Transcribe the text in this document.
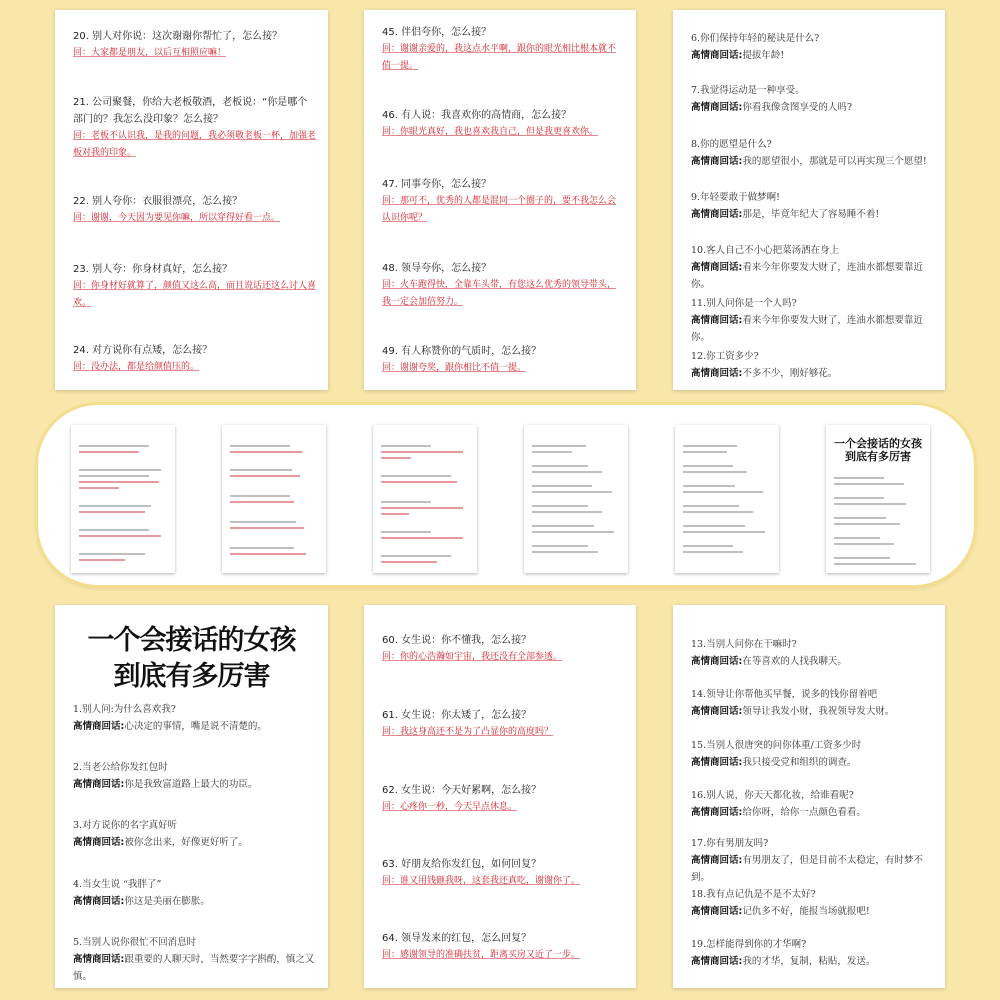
20. 别人对你说：这次谢谢你帮忙了，怎么接？
回：大家都是朋友，以后互相照应嘛！
21. 公司聚餐，你给大老板敬酒，老板说：“你是哪个部门的？我怎么没印象？怎么接？
回：老板不认识我，是我的问题，我必须敬老板一杯，加强老板对我的印象。
22. 别人夸你：衣服很漂亮，怎么接？
回：谢谢，今天因为要见你嘛，所以穿得好看一点。
23. 别人夸：你身材真好，怎么接？
回：你身材好就算了，颜值又这么高，而且说话还这么讨人喜欢。
24. 对方说你有点矮，怎么接？
回：没办法，都是给颜值压的。
45. 伴侣夸你，怎么接？
回：谢谢亲爱的，我这点水平啊，跟你的眼光相比根本就不值一提。
46. 有人说：我喜欢你的高情商，怎么接？
回：你眼光真好，我也喜欢我自己，但是我更喜欢你。
47. 同事夸你，怎么接？
回：那可不，优秀的人都是混同一个圈子的，要不我怎么会认识你呢？
48. 领导夸你，怎么接？
回：火车跑得快，全靠车头带，有您这么优秀的领导带头，我一定会加倍努力。
49. 有人称赞你的气质时，怎么接？
回：谢谢夸奖，跟你相比不值一提。
6.你们保持年轻的秘诀是什么?
高情商回话:提拔年龄!
7.我觉得运动是一种享受。
高情商回话:你看我像贪图享受的人吗?
8.你的愿望是什么?
高情商回话:我的愿望很小，那就是可以再实现三个愿望!
9.年轻要敢于做梦啊!
高情商回话:那是，毕竟年纪大了容易睡不着!
10.客人自己不小心把菜汤洒在身上
高情商回话:看来今年你要发大财了，连油水都想要靠近你。
11.别人问你是一个人吗?
高情商回话:看来今年你要发大财了，连油水都想要靠近你。
12.你工资多少?
高情商回话:不多不少，刚好够花。
一个会接话的女孩
到底有多厉害
一个会接话的女孩
到底有多厉害
1.别人问:为什么喜欢我?
高情商回话:心决定的事情，嘴是说不清楚的。
2.当老公给你发红包时
高情商回话:你是我致富道路上最大的功臣。
3.对方说你的名字真好听
高情商回话:被你念出来，好像更好听了。
4.当女生说 “我胖了”
高情商回话:你这是美丽在膨胀。
5.当别人说你很忙不回消息时
高情商回话:跟重要的人聊天时，当然要字字斟酌，慎之又慎。
60. 女生说：你不懂我，怎么接？
回：你的心浩瀚如宇宙，我还没有全部参透。
61. 女生说：你太矮了，怎么接？
回：我这身高还不是为了凸显你的高度吗？
62. 女生说：今天好累啊，怎么接？
回：心疼你一秒，今天早点休息。
63. 好朋友给你发红包，如何回复？
回：谁又用钱砸我呀，这套我还真吃，谢谢你了。
64. 领导发来的红包，怎么回复？
回：感谢领导的准确扶贫，距离买房又近了一步。
13.当别人问你在干嘛时?
高情商回话:在等喜欢的人找我聊天。
14.领导让你帮他买早餐，说多的钱你留着吧
高情商回话:领导让我发小财，我祝领导发大财。
15.当别人很唐突的问你体重/工资多少时
高情商回话:我只接受党和组织的调查。
16.别人说，你天天都化妆，给谁看呢?
高情商回话:给你呀，给你一点颜色看看。
17.你有男朋友吗?
高情商回话:有男朋友了，但是目前不太稳定，有时梦不到。
18.我有点记仇是不是不太好?
高情商回话:记仇多不好，能报当场就报吧!
19.怎样能得到你的才华啊?
高情商回话:我的才华，复制，粘贴，发送。
